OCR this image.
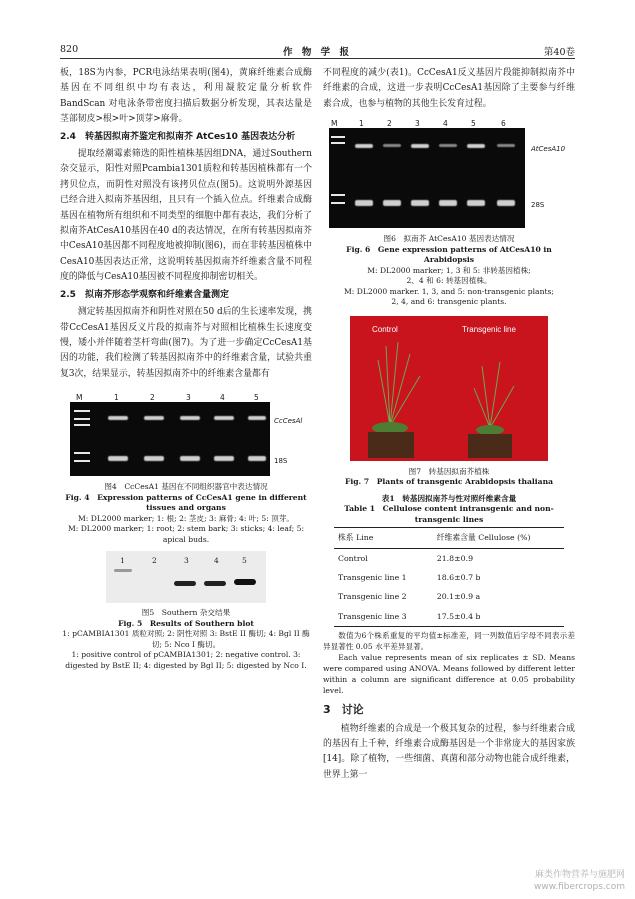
820	作 物 学 报	第40卷

板，18S为内参，PCR电泳结果表明(图4)，黄麻纤维素合成酶基因在不同组织中均有表达，利用凝胶定量分析软件 BandScan 对电泳条带密度扫描后数据分析发现，其表达量是茎部韧皮>根>叶>顶芽>麻骨。

2.4　转基因拟南芥鉴定和拟南芥 AtCes10 基因表达分析

提取经潮霉素筛选的阳性植株基因组DNA，通过Southern杂交显示，阳性对照Pcambia1301质粒和转基因植株都有一个拷贝位点，而阴性对照没有该拷贝位点(图5)。这说明外源基因已经合进入拟南芥基因组，且只有一个插入位点。纤维素合成酶基因在植物所有组织和不同类型的细胞中都有表达，我们分析了拟南芥AtCesA10基因在40 d的表达情况，在所有转基因拟南芥中CesA10基因都不同程度地被抑制(图6)，而在非转基因植株中CesA10基因表达正常，这说明转基因拟南芥纤维素含量不同程度的降低与CesA10基因被不同程度抑制密切相关。

2.5　拟南芥形态学观察和纤维素含量测定

测定转基因拟南芥和阴性对照在50 d后的生长速率发现，携带CcCesA1基因反义片段的拟南芥与对照相比植株生长速度变慢，矮小并伴随着茎杆弯曲(图7)。为了进一步确定CcCesA1基因的功能，我们检测了转基因拟南芥中的纤维素含量，试验共重复3次，结果显示，转基因拟南芥中的纤维素含量都有

M	1	2	3	4	5
CcCesAl
18S
图4　CcCesA1 基因在不同组织器官中表达情况
Fig. 4　Expression patterns of CcCesA1 gene in different tissues and organs
M: DL2000 marker; 1: 根; 2: 茎皮; 3: 麻骨; 4: 叶; 5: 顶芽。
M: DL2000 marker; 1: root; 2: stem bark; 3: sticks; 4: leaf; 5: apical buds.
1	2	3	4	5
图5　Southern 杂交结果
Fig. 5　Results of Southern blot
1: pCAMBIA1301 质粒对照; 2: 阴性对照 3: BstE II 酶切; 4: Bgl II 酶切; 5: Nco I 酶切。
1: positive control of pCAMBIA1301; 2: negative control. 3: digested by BstE II; 4: digested by Bgl II; 5: digested by Nco I.

不同程度的减少(表1)。CcCesA1反义基因片段能抑制拟南芥中纤维素的合成，这进一步表明CcCesA1基因除了主要参与纤维素合成，也参与植物的其他生长发育过程。

M	1	2	3	4	5	6
AtCesA10
28S
图6　拟南芥 AtCesA10 基因表达情况
Fig. 6　Gene expression patterns of AtCesA10 in Arabidopsis
M: DL2000 marker; 1, 3 和 5: 非转基因植株;
2、4 和 6: 转基因植株。
M: DL2000 marker. 1, 3, and 5: non-transgenic plants;
2, 4, and 6: transgenic plants.
Control	Transgenic line
图7　转基因拟南芥植株
Fig. 7　Plants of transgenic Arabidopsis thaliana
表1　转基因拟南芥与性对照纤维素含量
Table 1　Cellulose content intransgenic and non-transgenic lines
株系 Line	纤维素含量 Cellulose (%)
Control	21.8±0.9
Transgenic line 1	18.6±0.7 b
Transgenic line 2	20.1±0.9 a
Transgenic line 3	17.5±0.4 b

数值为6个株系重复的平均值±标准差，同一列数值后字母不同表示差异显著性 0.05 水平差异显著。

Each value represents mean of six replicates ± SD. Means were compared using ANOVA. Means followed by different letter within a column are significant difference at 0.05 probability level.

3　讨论

植物纤维素的合成是一个极其复杂的过程，参与纤维素合成的基因有上千种，纤维素合成酶基因是一个非常庞大的基因家族[14]。除了植物，一些细菌、真菌和部分动物也能合成纤维素，世界上第一

麻类作物营养与施肥网
www.fibercrops.com
